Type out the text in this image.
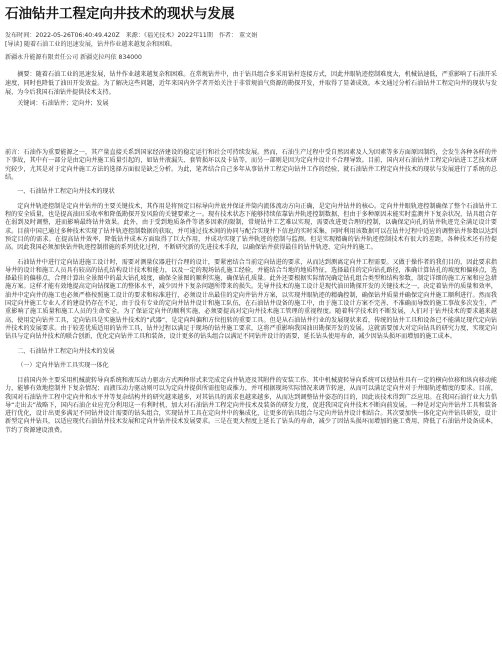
石油钻井工程定向井技术的现状与发展
发布时间：2022-05-26T06:40:49.420Z 来源：《福光技术》2022年11期 作者： 董文娟
[导读] 随着石油工业的迅速发展，钻井作业越来越复杂和困难。
新疆永升能源有限责任公司 新疆克拉玛依 834000

摘要：随着石油工业的迅速发展，钻井作业越来越复杂和困难。在常规钻井中，由于钻具组合多采用钻杆连接方式，因此井眼轨迹控制难度大，机械钻速低，严重影响了石油开采速度，同时也降低了油田开发效益。为了解决这些问题，近年来国内外学者开始关注于非常规油气资源的勘探开发，并取得了显著成效。本文通过分析石油钻井工程定向井的现状与发展，为今后我国石油钻井提供技术支持。

关键词：石油钻井；定向井；发展

前言：石油作为重要能源之一，其产量直接关系到国家经济建设的稳定运行和社会可持续发展。然而，石油生产过程中受自然因素及人为因素等多方面原因制约，会发生各种各样的井下事故，其中有一部分是由定向井施工质量引起的，如钻井液漏失、套管损坏以及卡钻等，而另一部则是因为定向井设计不合理导致。目前，国内对石油钻井工程定向钻进工艺技术研究较少，尤其是对于定向井施工方法的选择方面很是缺乏分析。为此，笔者结合自己多年从事钻井工程定向钻井工作的经验，就石油钻井工程定向井技术的现状与发展进行了系统的总结。

一、石油钻井工程定向井技术的现状

定向井轨迹控制是定向井钻井的主要关键技术，其作用是将预定目标导向井底并保证井筒内流体流动方向正确，是定向井钻井的核心。定向井井眼轨迹控制确保了整个石油钻井工程的安全质量，也是提高油田采收率和降低勘探开发风险的关键要素之一。现有技术状态下能够持续依靠钻井轨迹控制数据，但由于多种原因未能实时监测井下复杂状况，钻具组合存在弱到及时调整，进而影响最终钻井效果。此外，由于受到地质条件等诸多因素的限制，常规钻井工艺难以实现，需要改进更合理的控制，以确保定向孔的钻井轨迹完全满足设计要求。目前中国已通过多种技术实现了钻井轨迹控制数据的获取，并可通过技术间的协同与配合实现井下信息的实时采集，同时利用该数据可以在钻井过程中适应的调整钻井参数以达到预定目的的需求。在提高钻井效率，降低钻井成本方面取得了巨大作用，并成功实现了钻井轨迹的控制与监测。但是实现精确的钻井轨迹控制技术有很大的差距，各种技术还有待提高。因此我国必须加快钻井轨迹控制措施的系列优化过程，不断研究新的先进技术手段，以确保钻井获得最佳的钻井轨迹、定向井的施工。

石油钻井中进行定向钻进施工设计时，需要对测量仪器进行合理的设计，要紧密结合当前定向钻进的要求，从而达到测离定向井工程需要。又做于操作者的我们目的，因此要求指导井的设计和施工人员具有较高的钻孔结构设计技术和能力，以及一定的现场钻孔施工经验，并能结合当地的地质特征，选择最佳的定向钻孔路径，准确计算钻孔的坡度和偏移点，选择最佳的偏移点，合理计算出全景图中的最大钻孔坡度，确保全景图的顺利实施，确保钻孔质量。此外还要根据实际情况确定钻孔组合类型和结构参数，制定详细的施工方案和应急措施方案。这样才能有效地提高定向钻探施工的整体水平，减少因井下复杂问题所带来的损失。先导井技术的施工设计是现代油田勘探开发的关键技术之一，决定着钻井的质量和效率，油井中定向井的施工也必须严格按照施工设计的要求和标准进行，必须设计出最佳的定向井钻井方案，以实现井眼轨迹的精确控制，确保钻井质量并确保定向井施工顺利进行。然而我国定向井施工专业人才的建设仍存在不足，由于没有专业的定向井钻井设计和施工队伍，在石油钻井设备的施工中，由于施工设计方案不完善、不准确而导致的施工事故多次发生，严重影响了施工质量和施工人员的生命安全。为了保证定向井的顺利实施，必须要提高对定向井技术施工管理的重视程度。随着科学技术的不断发展，人们对于钻井技术的要求越来越高，使用定向钻井工具，定向钻具是实施钻井技术的“武器”，是定向纠偏和方位扭转的重要工具。但是从石油钻井行业的发展现状来看，传统的钻井工具和设备已不能满足现代定向钻井技术的发展要求。由于较差优质适用的钻井工具，钻井过程以满足于现场的钻井施工要求，这将严重影响我国油田勘探开发的发展。这就需要加大对定向钻具的研究力度，实现定向钻具与定向钻井技术的联合创新，优化定向钻井工具和装备，设计更多的钻头组合以满足不同钻井设计的需要，延长钻头使用寿命，减少因钻头损坏而增加的施工成本。

二、石油钻井工程定向井技术的发展
（一）定向井钻井工具实现一体化

目前国内外主要采用机械旋转导向系统和液压动力驱动方式两种形式来完成定向井轨迹及其附件的安装工作。其中机械旋转导向系统可以使钻柱具有一定的横向位移和纵向移动能力，能够有效地控制井下复杂情况；而液压动力驱动则可以为定向井提供所需扭矩或推力，并可根据现场实际情况来调节转速，从而可以满足定向井对于井眼轨迹精度的要求。目前，我国对石油钻井工程中定向井和水平井等复杂结构井的研究越来越多，对其钻具的需求也越来越多，从而达到调整钻井姿态的目的，因此该技术得到广泛应用。在我国石油行业大力倡导“走出去”战略下，国内石油企业应充分利用这一有利时机，加大对石油钻井工程定向井技术及装备的研发力度，促进我国定向井技术不断向前发展。一种是对定向井钻井工具和装备进行优化，设计出更多满足不同钻井设计需要的钻头组合，实现钻井工具在定向井中的集成化，让更多的钻具组合与定向井钻井设计相结合。其次要加快一体化定向井钻具研发，设计新型定向井钻具，以适应现代石油钻井技术发展和定向井钻井技术发展要求。三是在更大程度上延长了钻头的寿命，减少了因钻头损坏而增加的施工费用，降低了石油钻井设备成本，节约了资源建设浪费。
